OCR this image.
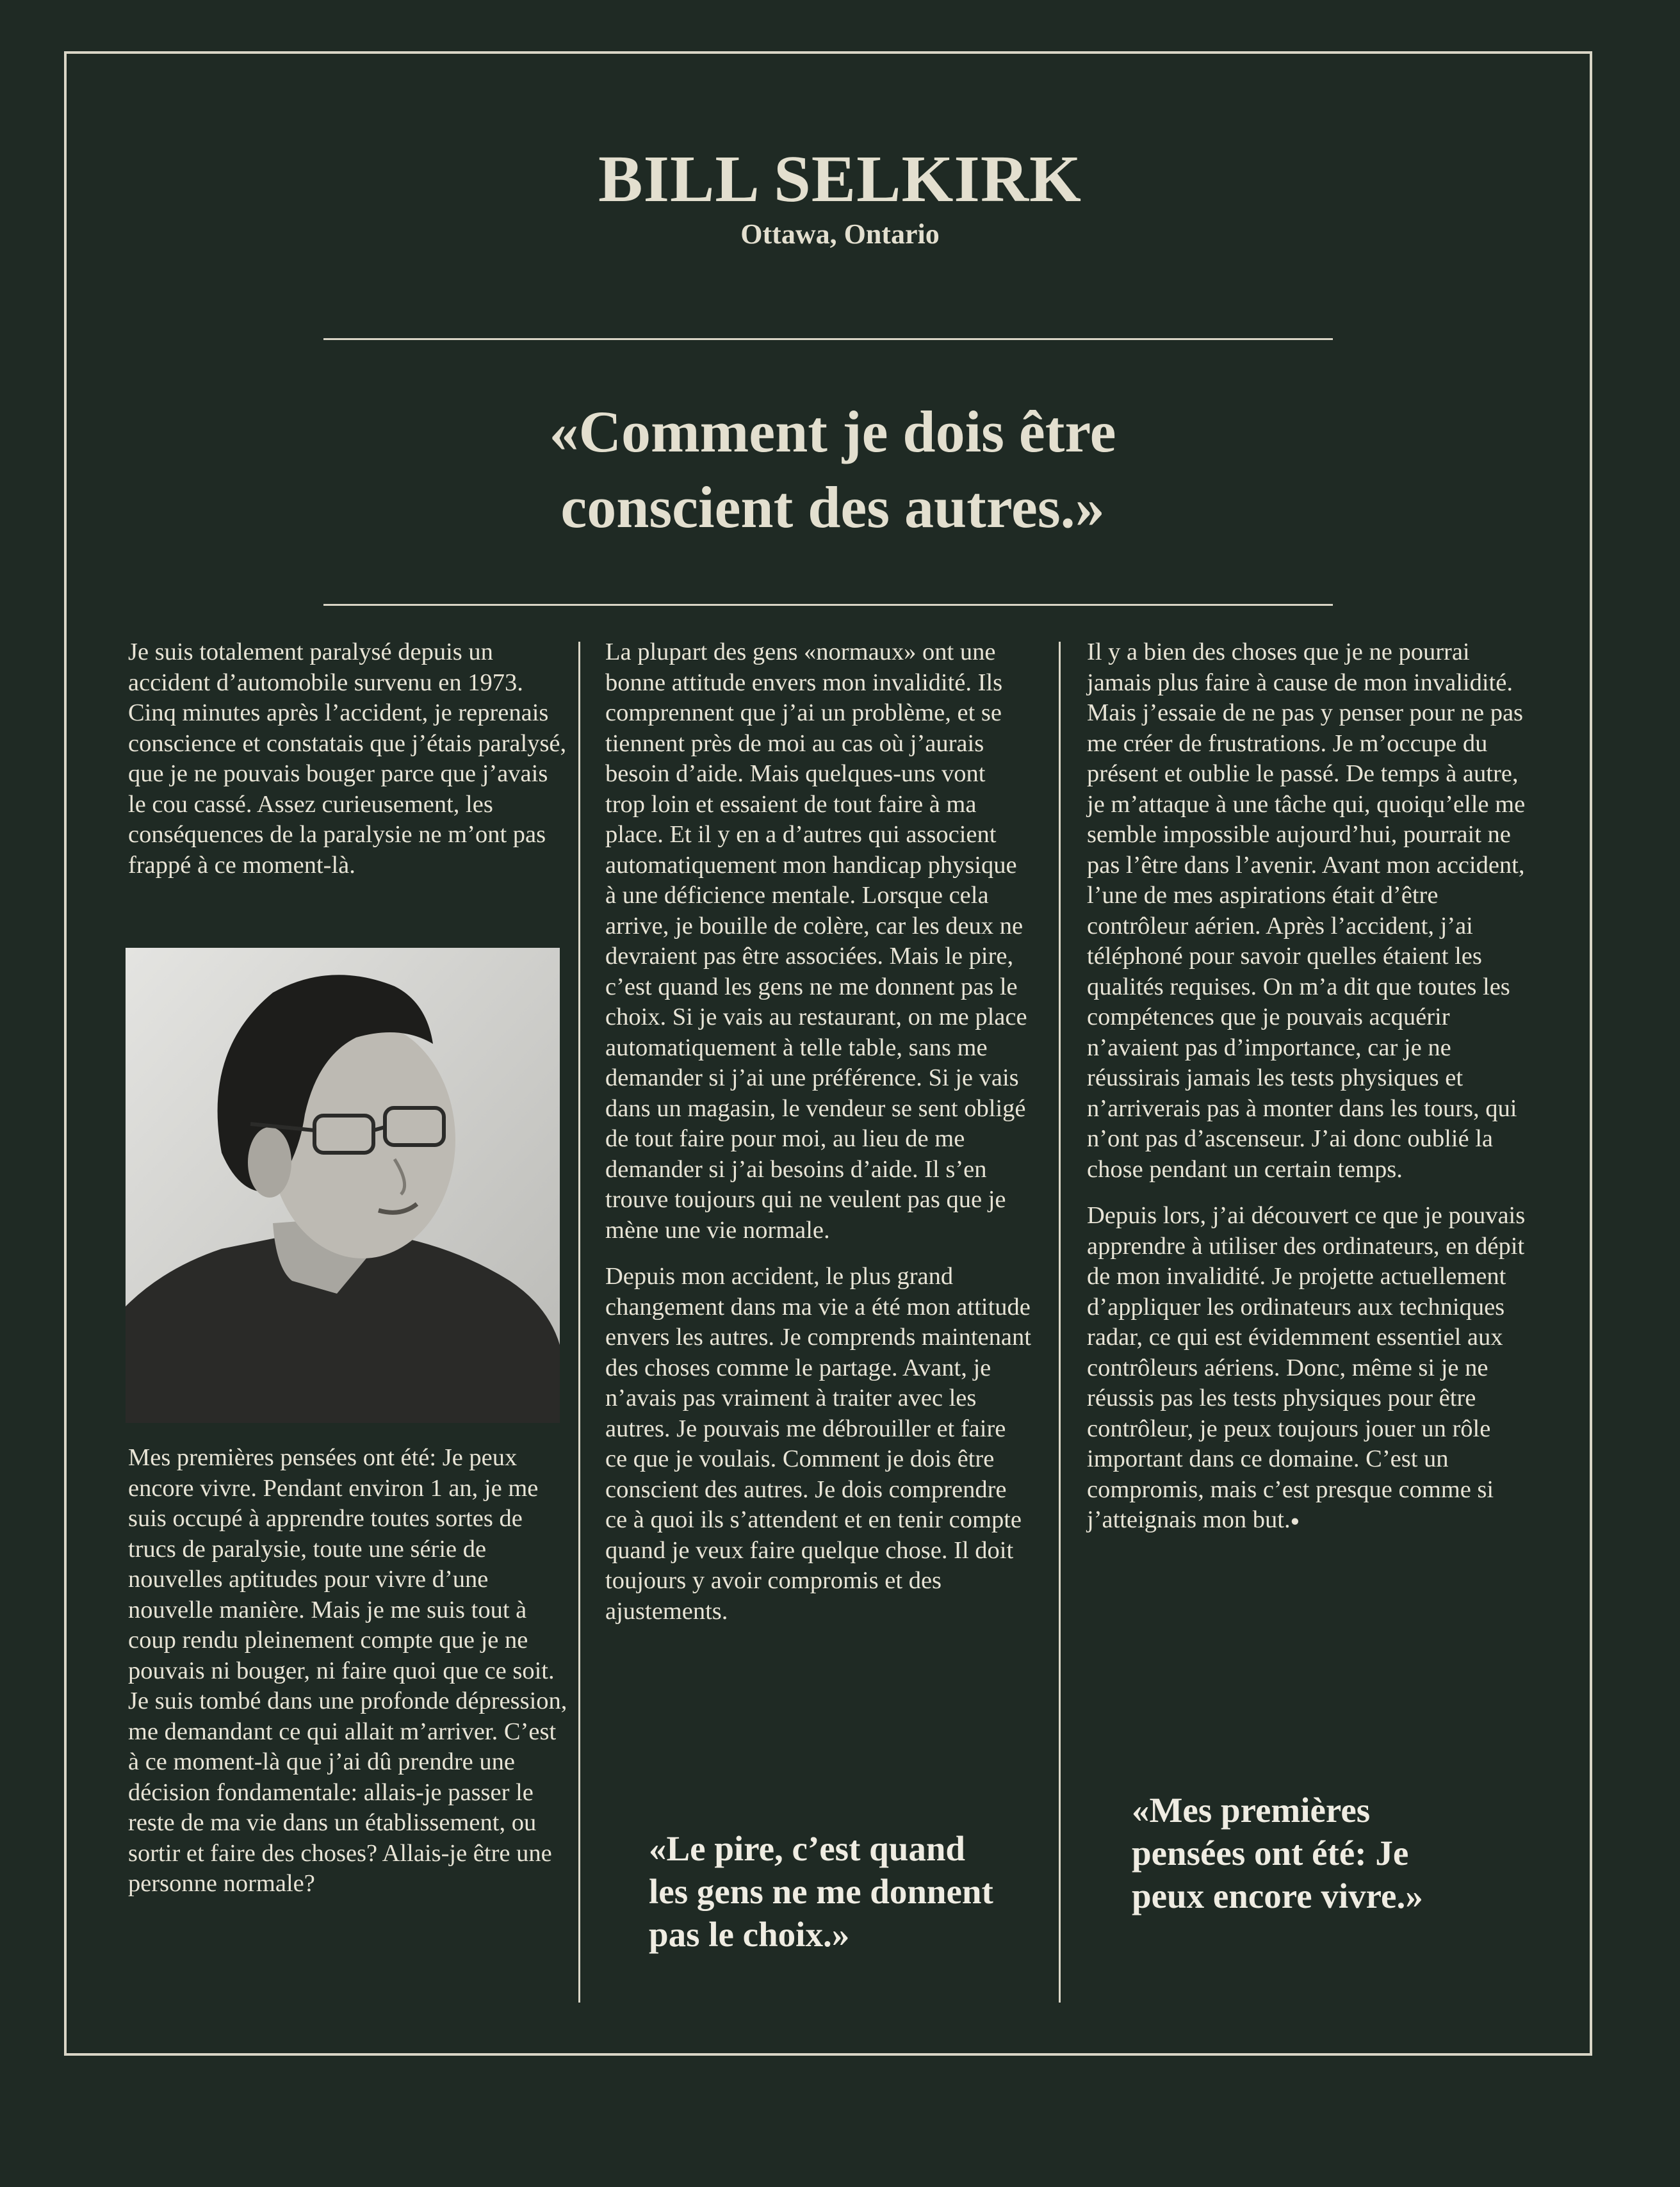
BILL SELKIRK
Ottawa, Ontario
«Comment je dois être
conscient des autres.»

Je suis totalement paralysé depuis un accident d’automobile survenu en 1973. Cinq minutes après l’accident, je reprenais conscience et constatais que j’étais paralysé, que je ne pouvais bouger parce que j’avais le cou cassé. Assez curieusement, les conséquences de la paralysie ne m’ont pas frappé à ce moment-là.

Mes premières pensées ont été: Je peux encore vivre. Pendant environ 1 an, je me suis occupé à apprendre toutes sortes de trucs de paralysie, toute une série de nouvelles aptitudes pour vivre d’une nouvelle manière. Mais je me suis tout à coup rendu pleinement compte que je ne pouvais ni bouger, ni faire quoi que ce soit. Je suis tombé dans une profonde dépression, me demandant ce qui allait m’arriver. C’est à ce moment-là que j’ai dû prendre une décision fondamentale: allais-je passer le reste de ma vie dans un établissement, ou sortir et faire des choses? Allais-je être une personne normale?

La plupart des gens «normaux» ont une bonne attitude envers mon invalidité. Ils comprennent que j’ai un problème, et se tiennent près de moi au cas où j’aurais besoin d’aide. Mais quelques-uns vont trop loin et essaient de tout faire à ma place. Et il y en a d’autres qui associent automatiquement mon handicap physique à une déficience mentale. Lorsque cela arrive, je bouille de colère, car les deux ne devraient pas être associées. Mais le pire, c’est quand les gens ne me donnent pas le choix. Si je vais au restaurant, on me place automatiquement à telle table, sans me demander si j’ai une préférence. Si je vais dans un magasin, le vendeur se sent obligé de tout faire pour moi, au lieu de me demander si j’ai besoins d’aide. Il s’en trouve toujours qui ne veulent pas que je mène une vie normale.

Depuis mon accident, le plus grand changement dans ma vie a été mon attitude envers les autres. Je comprends maintenant des choses comme le partage. Avant, je n’avais pas vraiment à traiter avec les autres. Je pouvais me débrouiller et faire ce que je voulais. Comment je dois être conscient des autres. Je dois comprendre ce à quoi ils s’attendent et en tenir compte quand je veux faire quelque chose. Il doit toujours y avoir compromis et des ajustements.

«Le pire, c’est quand les gens ne me donnent pas le choix.»

Il y a bien des choses que je ne pourrai jamais plus faire à cause de mon invalidité. Mais j’essaie de ne pas y penser pour ne pas me créer de frustrations. Je m’occupe du présent et oublie le passé. De temps à autre, je m’attaque à une tâche qui, quoiqu’elle me semble impossible aujourd’hui, pourrait ne pas l’être dans l’avenir. Avant mon accident, l’une de mes aspirations était d’être contrôleur aérien. Après l’accident, j’ai téléphoné pour savoir quelles étaient les qualités requises. On m’a dit que toutes les compétences que je pouvais acquérir n’avaient pas d’importance, car je ne réussirais jamais les tests physiques et n’arriverais pas à monter dans les tours, qui n’ont pas d’ascenseur. J’ai donc oublié la chose pendant un certain temps.

Depuis lors, j’ai découvert ce que je pouvais apprendre à utiliser des ordinateurs, en dépit de mon invalidité. Je projette actuellement d’appliquer les ordinateurs aux techniques radar, ce qui est évidemment essentiel aux contrôleurs aériens. Donc, même si je ne réussis pas les tests physiques pour être contrôleur, je peux toujours jouer un rôle important dans ce domaine. C’est un compromis, mais c’est presque comme si j’atteignais mon but.●

«Mes premières pensées ont été: Je peux encore vivre.»
